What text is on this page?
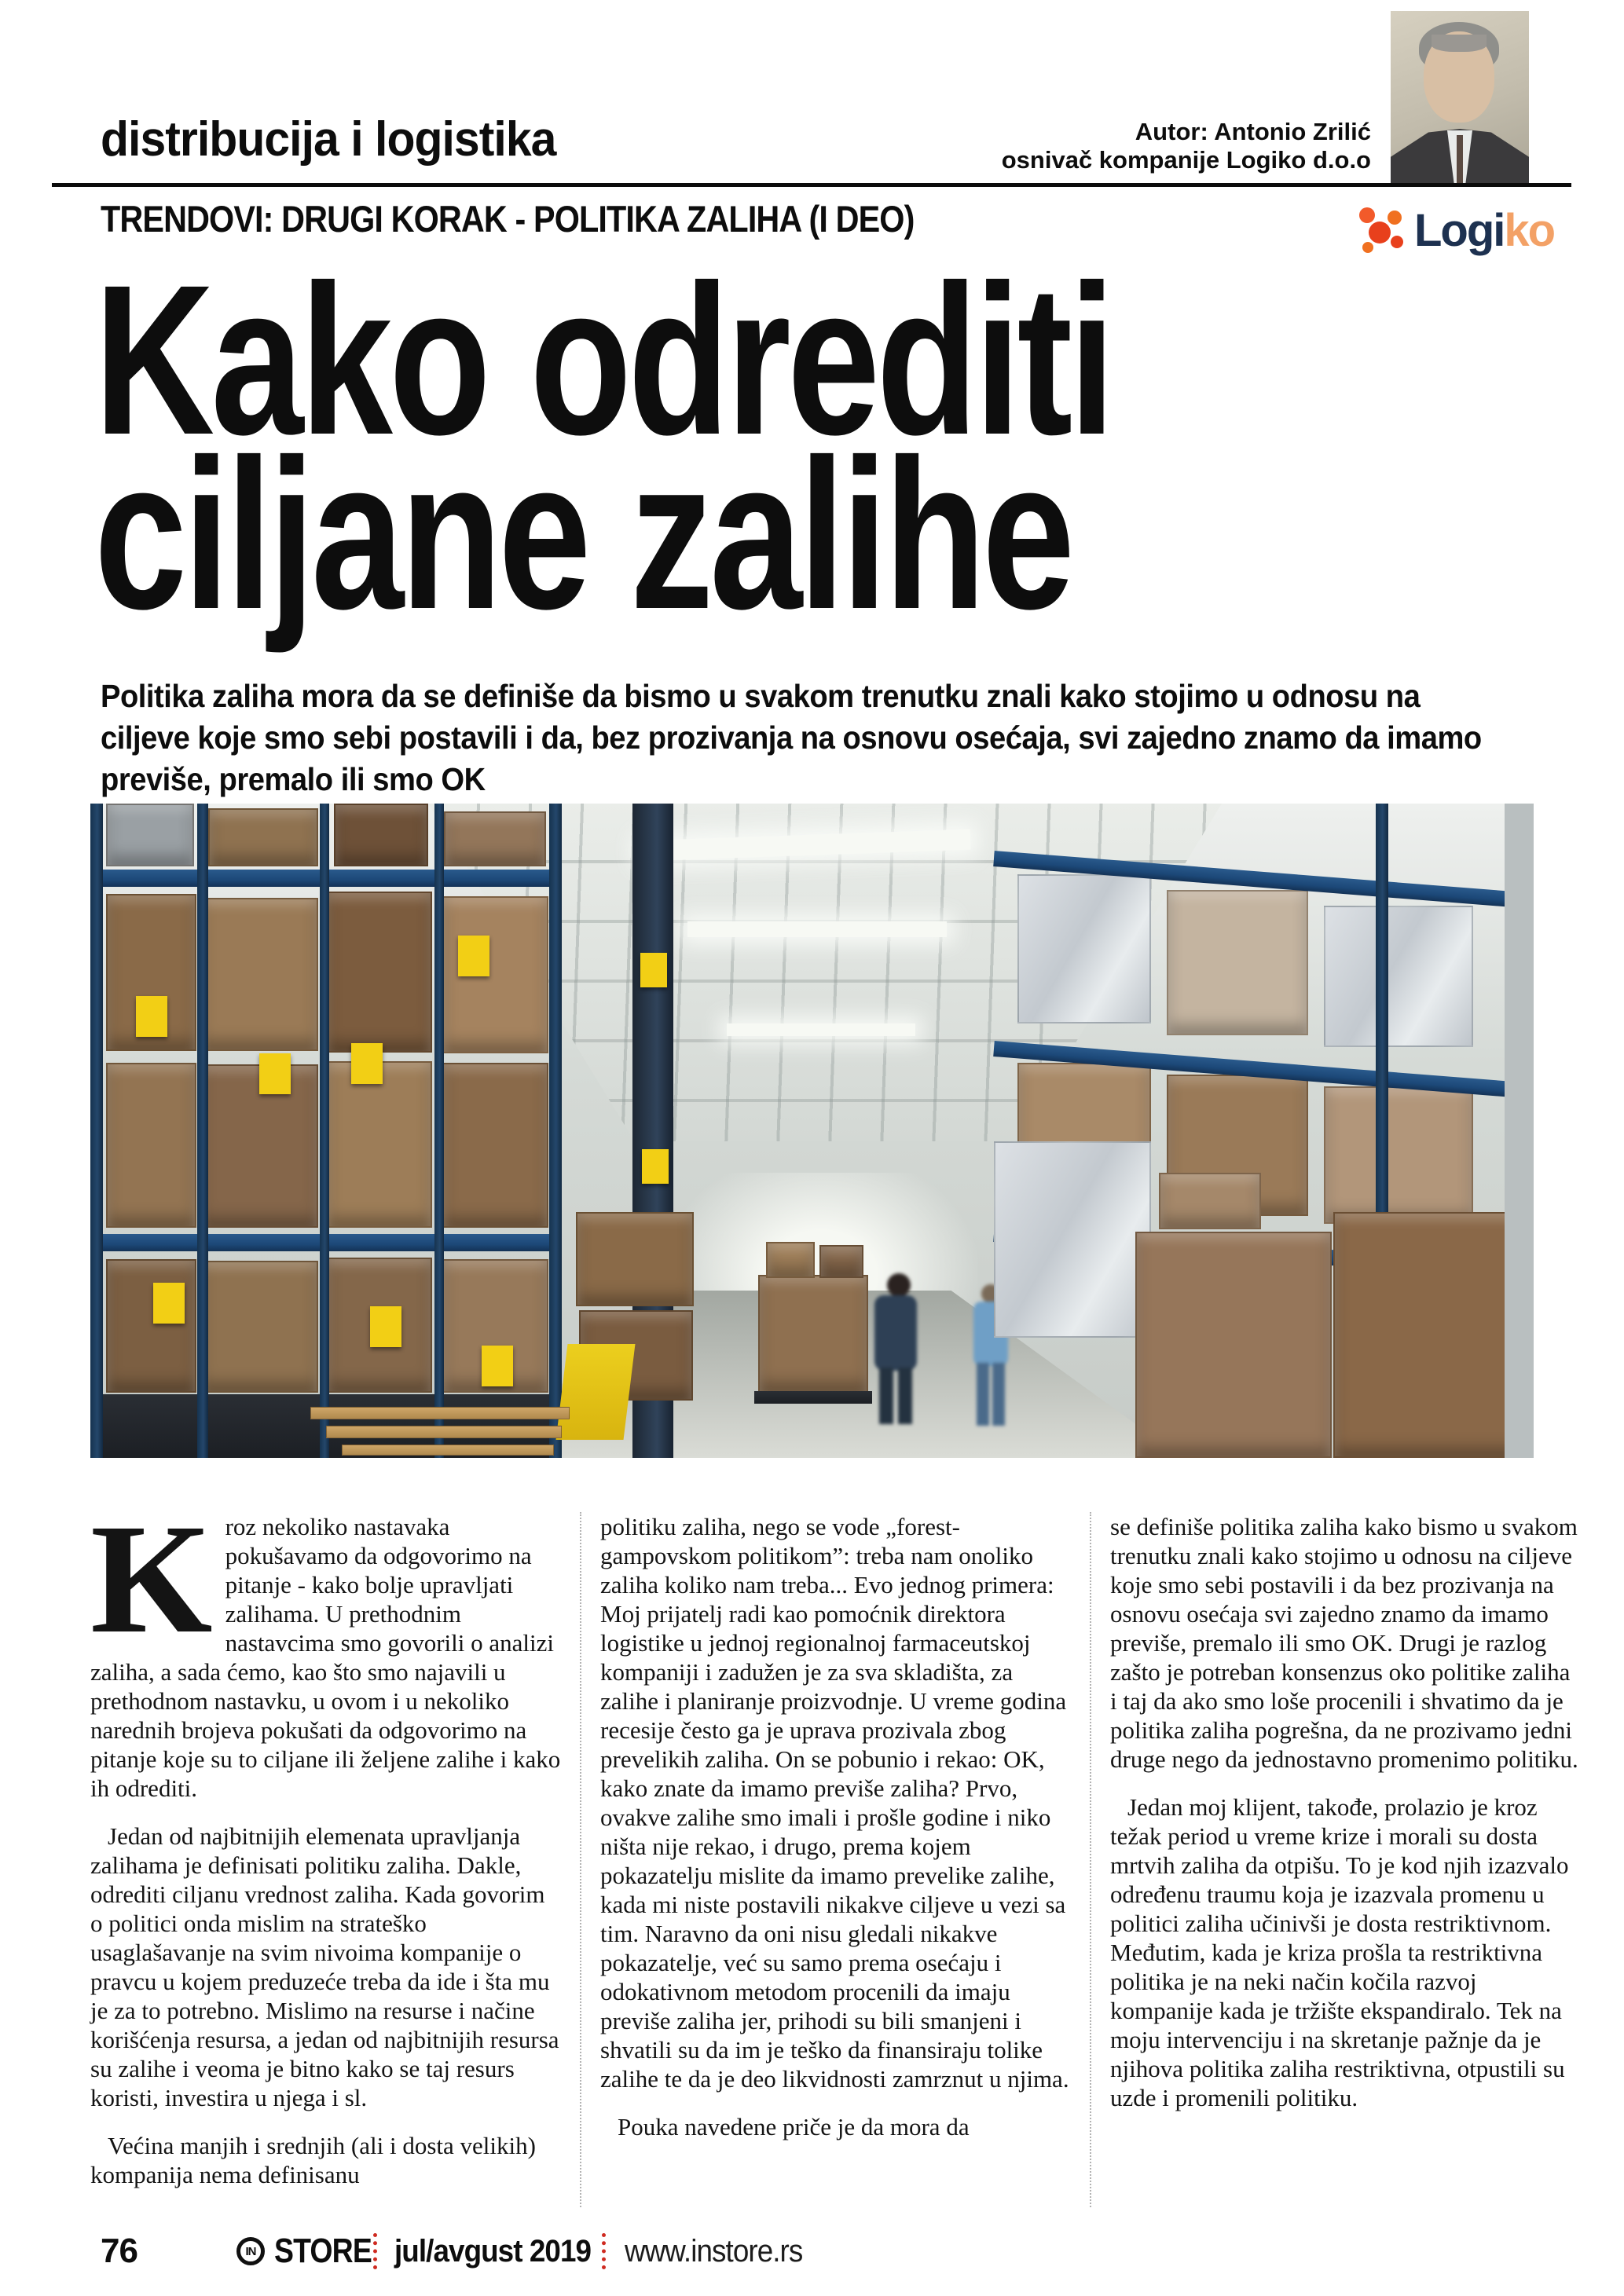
distribucija i logistika	Autor: Antonio Zrilić
osnivač kompanije Logiko d.o.o
TRENDOVI: DRUGI KORAK - POLITIKA ZALIHA (I DEO)	Logiko
Kako odrediti
ciljane zalihe
Politika zaliha mora da se definiše da bismo u svakom trenutku znali kako stojimo u odnosu na ciljeve koje smo sebi postavili i da, bez prozivanja na osnovu osećaja, svi zajedno znamo da imamo previše, premalo ili smo OK

Kroz nekoliko nastavaka pokušavamo da odgovorimo na pitanje - kako bolje upravljati zalihama. U prethodnim nastavcima smo govorili o analizi zaliha, a sada ćemo, kao što smo najavili u prethodnom nastavku, u ovom i u nekoliko narednih brojeva pokušati da odgovorimo na pitanje koje su to ciljane ili željene zalihe i kako ih odrediti.

Jedan od najbitnijih elemenata upravljanja zalihama je definisati politiku zaliha. Dakle, odrediti ciljanu vrednost zaliha. Kada govorim o politici onda mislim na strateško usaglašavanje na svim nivoima kompanije o pravcu u kojem preduzeće treba da ide i šta mu je za to potrebno. Mislimo na resurse i načine korišćenja resursa, a jedan od najbitnijih resursa su zalihe i veoma je bitno kako se taj resurs koristi, investira u njega i sl.

Većina manjih i srednjih (ali i dosta velikih) kompanija nema definisanu

politiku zaliha, nego se vode „forest-gampovskom politikom”: treba nam onoliko zaliha koliko nam treba... Evo jednog primera: Moj prijatelj radi kao pomoćnik direktora logistike u jednoj regionalnoj farmaceutskoj kompaniji i zadužen je za sva skladišta, za zalihe i planiranje proizvodnje. U vreme godina recesije često ga je uprava prozivala zbog prevelikih zaliha. On se pobunio i rekao: OK, kako znate da imamo previše zaliha? Prvo, ovakve zalihe smo imali i prošle godine i niko ništa nije rekao, i drugo, prema kojem pokazatelju mislite da imamo prevelike zalihe, kada mi niste postavili nikakve ciljeve u vezi sa tim. Naravno da oni nisu gledali nikakve pokazatelje, već su samo prema osećaju i odokativnom metodom procenili da imaju previše zaliha jer, prihodi su bili smanjeni i shvatili su da im je teško da finansiraju tolike zalihe te da je deo likvidnosti zamrznut u njima.

Pouka navedene priče je da mora da

se definiše politika zaliha kako bismo u svakom trenutku znali kako stojimo u odnosu na ciljeve koje smo sebi postavili i da bez prozivanja na osnovu osećaja svi zajedno znamo da imamo previše, premalo ili smo OK. Drugi je razlog zašto je potreban konsenzus oko politike zaliha i taj da ako smo loše procenili i shvatimo da je politika zaliha pogrešna, da ne prozivamo jedni druge nego da jednostavno promenimo politiku.

Jedan moj klijent, takođe, prolazio je kroz težak period u vreme krize i morali su dosta mrtvih zaliha da otpišu. To je kod njih izazvalo određenu traumu koja je izazvala promenu u politici zaliha učinivši je dosta restriktivnom. Međutim, kada je kriza prošla ta restriktivna politika je na neki način kočila razvoj kompanije kada je tržište ekspandiralo. Tek na moju intervenciju i na skretanje pažnje da je njihova politika zaliha restriktivna, otpustili su uzde i promenili politiku.

76	IN STORE jul/avgust 2019 www.instore.rs
